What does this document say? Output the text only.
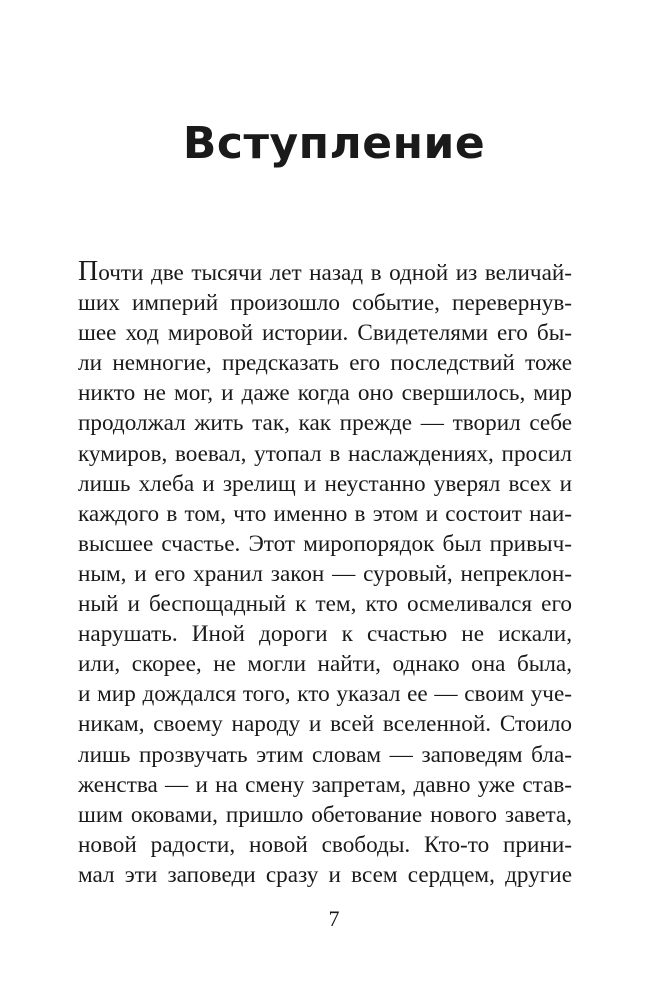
Вступление
Почти две тысячи лет назад в одной из величай-
ших империй произошло событие, перевернув-
шее ход мировой истории. Свидетелями его бы-
ли немногие, предсказать его последствий тоже
никто не мог, и даже когда оно свершилось, мир
продолжал жить так, как прежде — творил себе
кумиров, воевал, утопал в наслаждениях, просил
лишь хлеба и зрелищ и неустанно уверял всех и
каждого в том, что именно в этом и состоит наи-
высшее счастье. Этот миропорядок был привыч-
ным, и его хранил закон — суровый, непреклон-
ный и беспощадный к тем, кто осмеливался его
нарушать. Иной дороги к счастью не искали,
или, скорее, не могли найти, однако она была,
и мир дождался того, кто указал ее — своим уче-
никам, своему народу и всей вселенной. Стоило
лишь прозвучать этим словам — заповедям бла-
женства — и на смену запретам, давно уже став-
шим оковами, пришло обетование нового завета,
новой радости, новой свободы. Кто-то прини-
мал эти заповеди сразу и всем сердцем, другие
7
